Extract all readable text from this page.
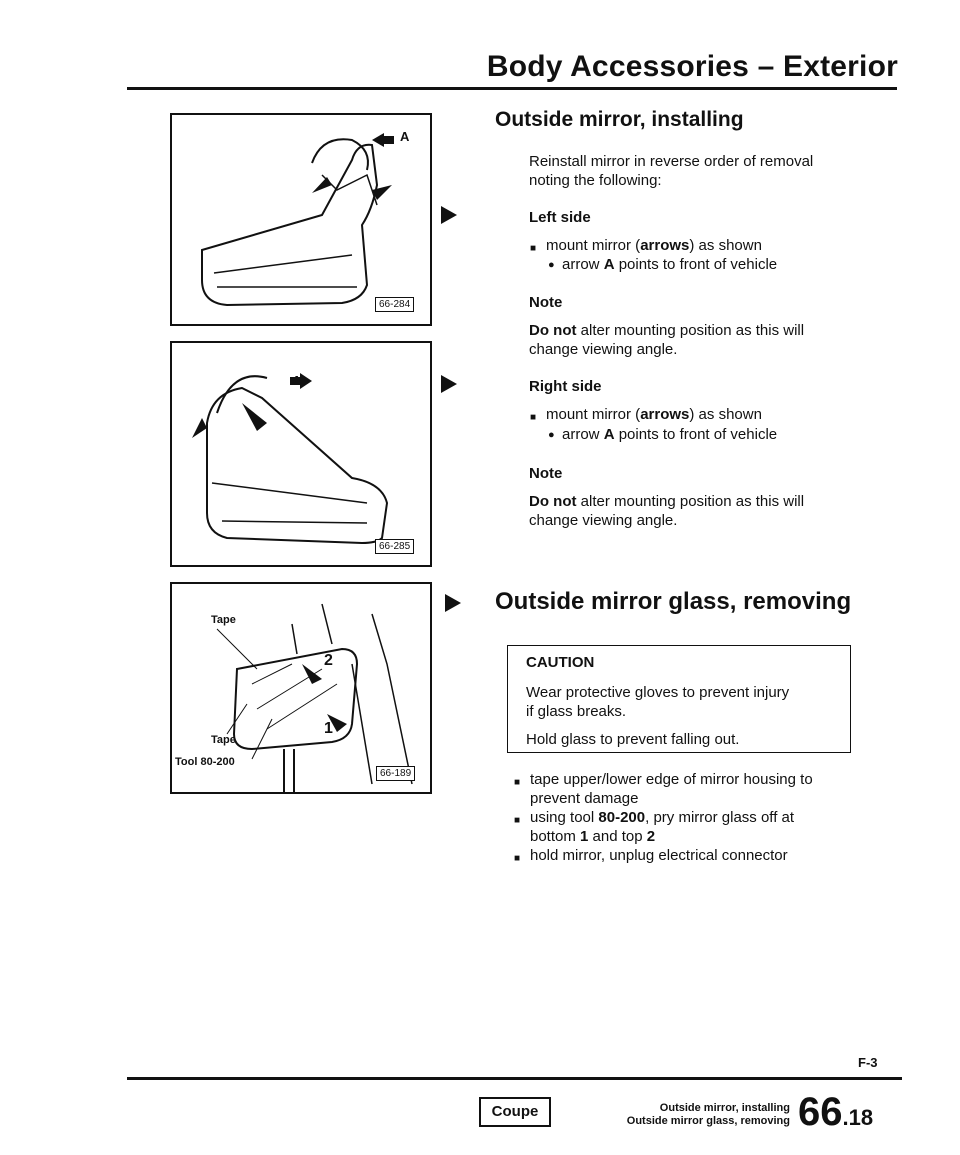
Body Accessories – Exterior
A
66-284
A
66-285
Tape
Tape
Tool 80-200
2
1
66-189
Outside mirror, installing
Reinstall mirror in reverse order of removal
noting the following:
Left side
■ mount mirror (arrows) as shown
● arrow A points to front of vehicle
Note
Do not alter mounting position as this will
change viewing angle.
Right side
■ mount mirror (arrows) as shown
● arrow A points to front of vehicle
Note
Do not alter mounting position as this will
change viewing angle.
Outside mirror glass, removing
CAUTION
Wear protective gloves to prevent injury
if glass breaks.
Hold glass to prevent falling out.
■ tape upper/lower edge of mirror housing to
prevent damage
■ using tool 80-200, pry mirror glass off at
bottom 1 and top 2
■ hold mirror, unplug electrical connector
F-3
Coupe	Outside mirror, installing
Outside mirror glass, removing 66.18
